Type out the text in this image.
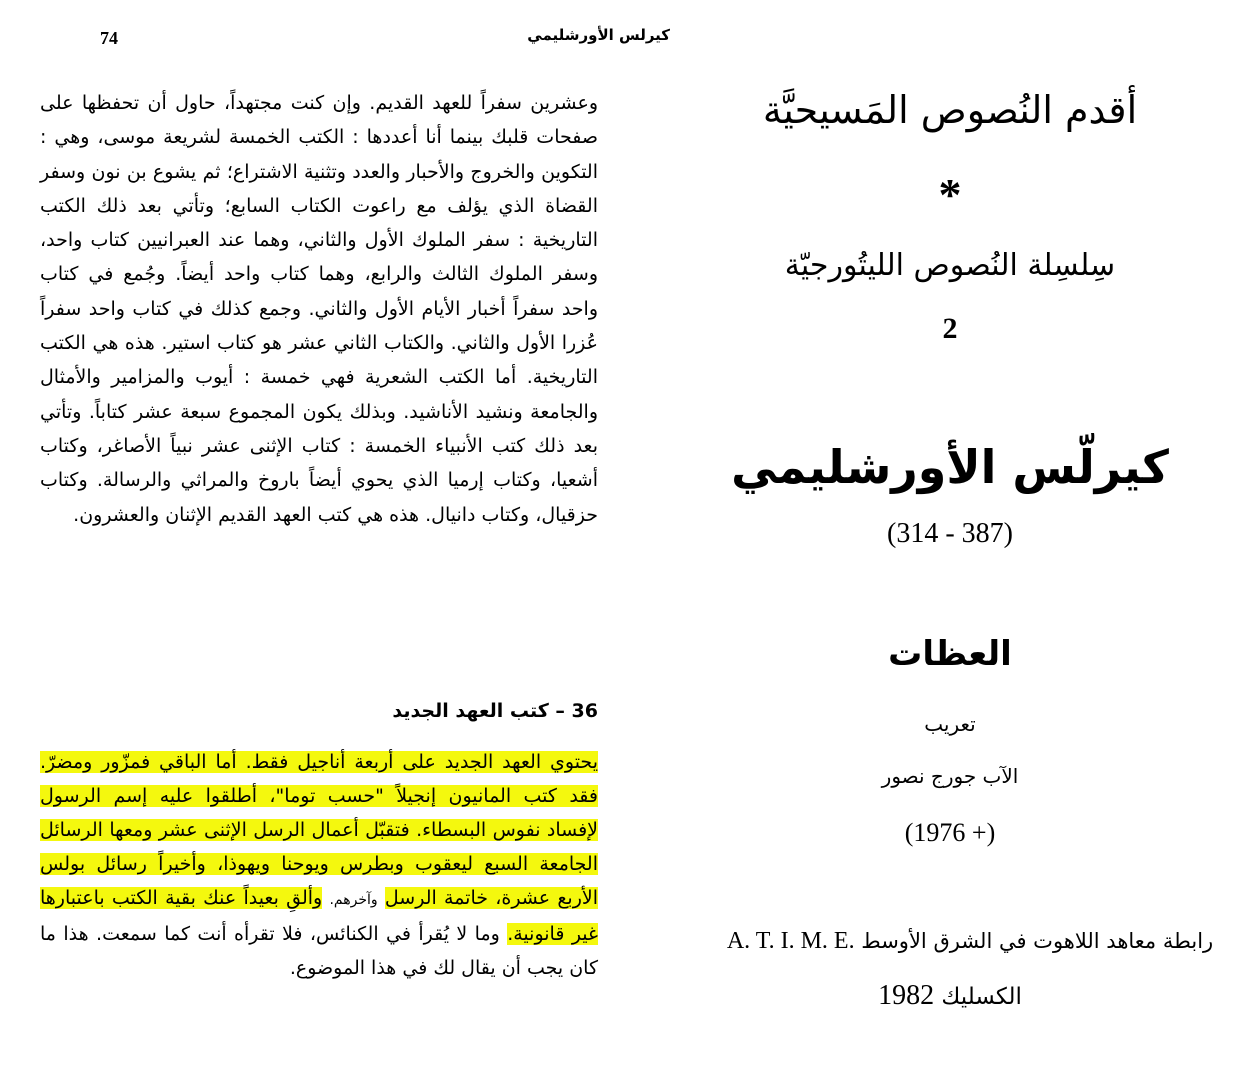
74	كيرلس الأورشليمي

وعشرين سفراً للعهد القديم. وإن كنت مجتهداً، حاول أن تحفظها على صفحات قلبك بينما أنا أعددها : الكتب الخمسة لشريعة موسى، وهي : التكوين والخروج والأحبار والعدد وتثنية الاشتراع؛ ثم يشوع بن نون وسفر القضاة الذي يؤلف مع راعوت الكتاب السابع؛ وتأتي بعد ذلك الكتب التاريخية : سفر الملوك الأول والثاني، وهما عند العبرانيين كتاب واحد، وسفر الملوك الثالث والرابع، وهما كتاب واحد أيضاً. وجُمع في كتاب واحد سفراً أخبار الأيام الأول والثاني. وجمع كذلك في كتاب واحد سفراً عُزرا الأول والثاني. والكتاب الثاني عشر هو كتاب استير. هذه هي الكتب التاريخية. أما الكتب الشعرية فهي خمسة : أيوب والمزامير والأمثال والجامعة ونشيد الأناشيد. وبذلك يكون المجموع سبعة عشر كتاباً. وتأتي بعد ذلك كتب الأنبياء الخمسة : كتاب الإثنى عشر نبياً الأصاغر، وكتاب أشعيا، وكتاب إرميا الذي يحوي أيضاً باروخ والمراثي والرسالة. وكتاب حزقيال، وكتاب دانيال. هذه هي كتب العهد القديم الإثنان والعشرون.

36 – كتب العهد الجديد

يحتوي العهد الجديد على أربعة أناجيل فقط. أما الباقي فمزّور ومضرّ. فقد كتب المانيون إنجيلاً "حسب توما"، أطلقوا عليه إسم الرسول لإفساد نفوس البسطاء. فتقبّل أعمال الرسل الإثنى عشر ومعها الرسائل الجامعة السبع ليعقوب وبطرس ويوحنا ويهوذا، وأخيراً رسائل بولس الأربع عشرة، خاتمة الرسل وآخرهم. وألقِ بعيداً عنك بقية الكتب باعتبارها غير قانونية. وما لا يُقرأ في الكنائس، فلا تقرأه أنت كما سمعت. هذا ما كان يجب أن يقال لك في هذا الموضوع.

أقدم النُصوص المَسيحيَّة
*
سِلسِلة النُصوص الليتُورجيّة
2
كيرلّس الأورشليمي
(314 - 387)
العظات
تعريب
الآب جورج نصور
(+ 1976)
رابطة معاهد اللاهوت في الشرق الأوسط A. T. I. M. E.
الكسليك 1982
